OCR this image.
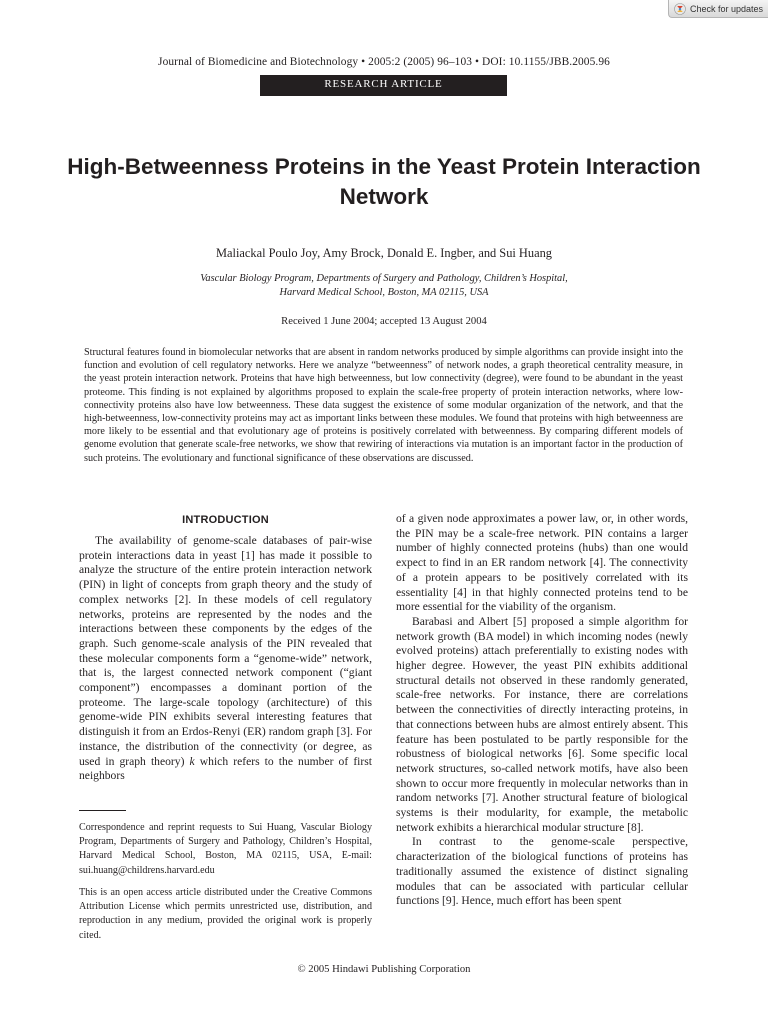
Check for updates
Journal of Biomedicine and Biotechnology • 2005:2 (2005) 96–103 • DOI: 10.1155/JBB.2005.96
RESEARCH ARTICLE
High-Betweenness Proteins in the Yeast Protein Interaction Network
Maliackal Poulo Joy, Amy Brock, Donald E. Ingber, and Sui Huang
Vascular Biology Program, Departments of Surgery and Pathology, Children’s Hospital,
Harvard Medical School, Boston, MA 02115, USA
Received 1 June 2004; accepted 13 August 2004
Structural features found in biomolecular networks that are absent in random networks produced by simple algorithms can provide insight into the function and evolution of cell regulatory networks. Here we analyze “betweenness” of network nodes, a graph theoretical centrality measure, in the yeast protein interaction network. Proteins that have high betweenness, but low connectivity (degree), were found to be abundant in the yeast proteome. This finding is not explained by algorithms proposed to explain the scale-free property of protein interaction networks, where low-connectivity proteins also have low betweenness. These data suggest the existence of some modular organization of the network, and that the high-betweenness, low-connectivity proteins may act as important links between these modules. We found that proteins with high betweenness are more likely to be essential and that evolutionary age of proteins is positively correlated with betweenness. By comparing different models of genome evolution that generate scale-free networks, we show that rewiring of interactions via mutation is an important factor in the production of such proteins. The evolutionary and functional significance of these observations are discussed.
INTRODUCTION

The availability of genome-scale databases of pair-wise protein interactions data in yeast [1] has made it possible to analyze the structure of the entire protein interaction network (PIN) in light of concepts from graph theory and the study of complex networks [2]. In these models of cell regulatory networks, proteins are represented by the nodes and the interactions between these components by the edges of the graph. Such genome-scale analysis of the PIN revealed that these molecular components form a “genome-wide” network, that is, the largest connected network component (“giant component”) encompasses a dominant portion of the proteome. The large-scale topology (architecture) of this genome-wide PIN exhibits several interesting features that distinguish it from an Erdos-Renyi (ER) random graph [3]. For instance, the distribution of the connectivity (or degree, as used in graph theory) k which refers to the number of first neighbors

Correspondence and reprint requests to Sui Huang, Vascular Biology Program, Departments of Surgery and Pathology, Children’s Hospital, Harvard Medical School, Boston, MA 02115, USA, E-mail: sui.huang@childrens.harvard.edu
This is an open access article distributed under the Creative Commons Attribution License which permits unrestricted use, distribution, and reproduction in any medium, provided the original work is properly cited.

of a given node approximates a power law, or, in other words, the PIN may be a scale-free network. PIN contains a larger number of highly connected proteins (hubs) than one would expect to find in an ER random network [4]. The connectivity of a protein appears to be positively correlated with its essentiality [4] in that highly connected proteins tend to be more essential for the viability of the organism.

Barabasi and Albert [5] proposed a simple algorithm for network growth (BA model) in which incoming nodes (newly evolved proteins) attach preferentially to existing nodes with higher degree. However, the yeast PIN exhibits additional structural details not observed in these randomly generated, scale-free networks. For instance, there are correlations between the connectivities of directly interacting proteins, in that connections between hubs are almost entirely absent. This feature has been postulated to be partly responsible for the robustness of biological networks [6]. Some specific local network structures, so-called network motifs, have also been shown to occur more frequently in molecular networks than in random networks [7]. Another structural feature of biological systems is their modularity, for example, the metabolic network exhibits a hierarchical modular structure [8].

In contrast to the genome-scale perspective, characterization of the biological functions of proteins has traditionally assumed the existence of distinct signaling modules that can be associated with particular cellular functions [9]. Hence, much effort has been spent

© 2005 Hindawi Publishing Corporation
